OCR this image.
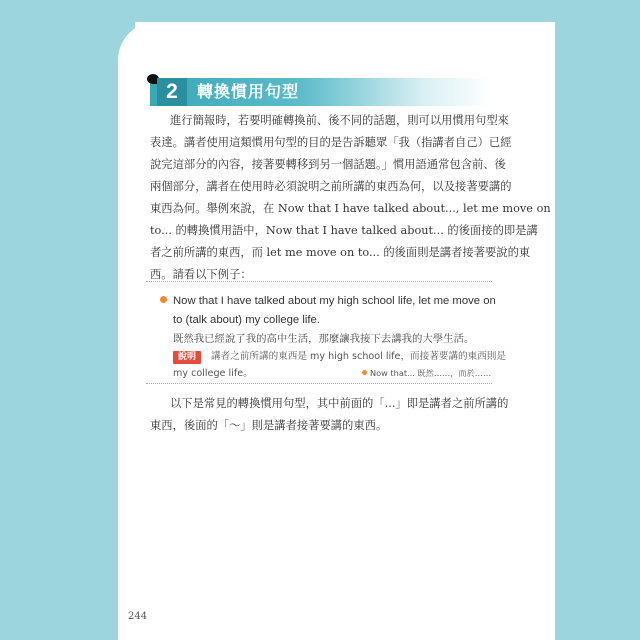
2	轉換慣用句型
進行簡報時，若要明確轉換前、後不同的話題，則可以用慣用句型來
表達。講者使用這類慣用句型的目的是告訴聽眾「我（指講者自己）已經
說完這部分的內容，接著要轉移到另一個話題。」慣用語通常包含前、後
兩個部分，講者在使用時必須說明之前所講的東西為何，以及接著要講的
東西為何。舉例來說，在 Now that I have talked about..., let me move on
to... 的轉換慣用語中，Now that I have talked about... 的後面接的即是講
者之前所講的東西，而 let me move on to... 的後面則是講者接著要說的東
西。請看以下例子：
Now that I have talked about my high school life, let me move on
to (talk about) my college life.
既然我已經說了我的高中生活，那麼讓我接下去講我的大學生活。
說明 講者之前所講的東西是 my high school life，而接著要講的東西則是
my college life。	Now that... 既然……，而於……
以下是常見的轉換慣用句型，其中前面的「...」即是講者之前所講的
東西，後面的「～」則是講者接著要講的東西。
244
